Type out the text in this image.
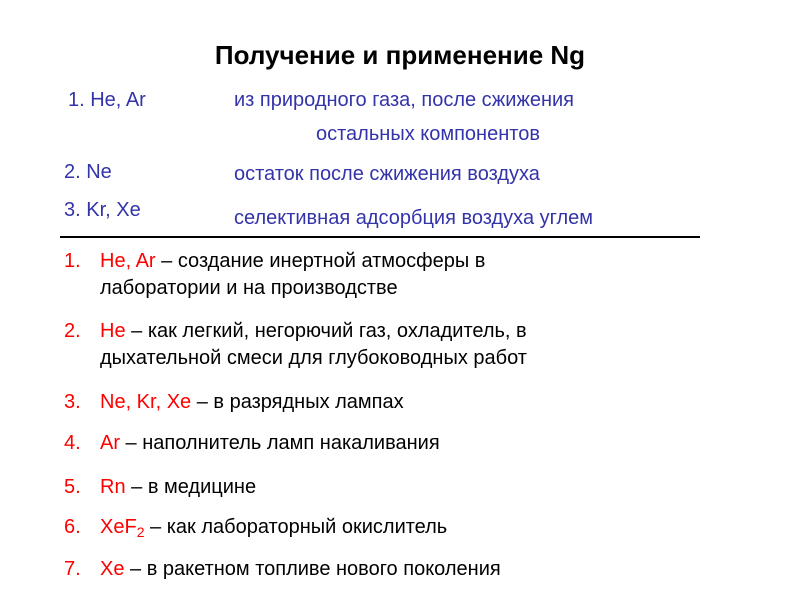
Получение и применение Ng
1. He, Ar	из природного газа, после сжижения
остальных компонентов
2. Ne	остаток после сжижения воздуха
3. Kr, Xe	селективная адсорбция воздуха углем
1. He, Ar – создание инертной атмосферы в
лаборатории и на производстве
2. He – как легкий, негорючий газ, охладитель, в
дыхательной смеси для глубоководных работ
3. Ne, Kr, Xe – в разрядных лампах
4. Ar – наполнитель ламп накаливания
5. Rn – в медицине
6. XeF$_2$ – как лабораторный окислитель
7. Xe – в ракетном топливе нового поколения
